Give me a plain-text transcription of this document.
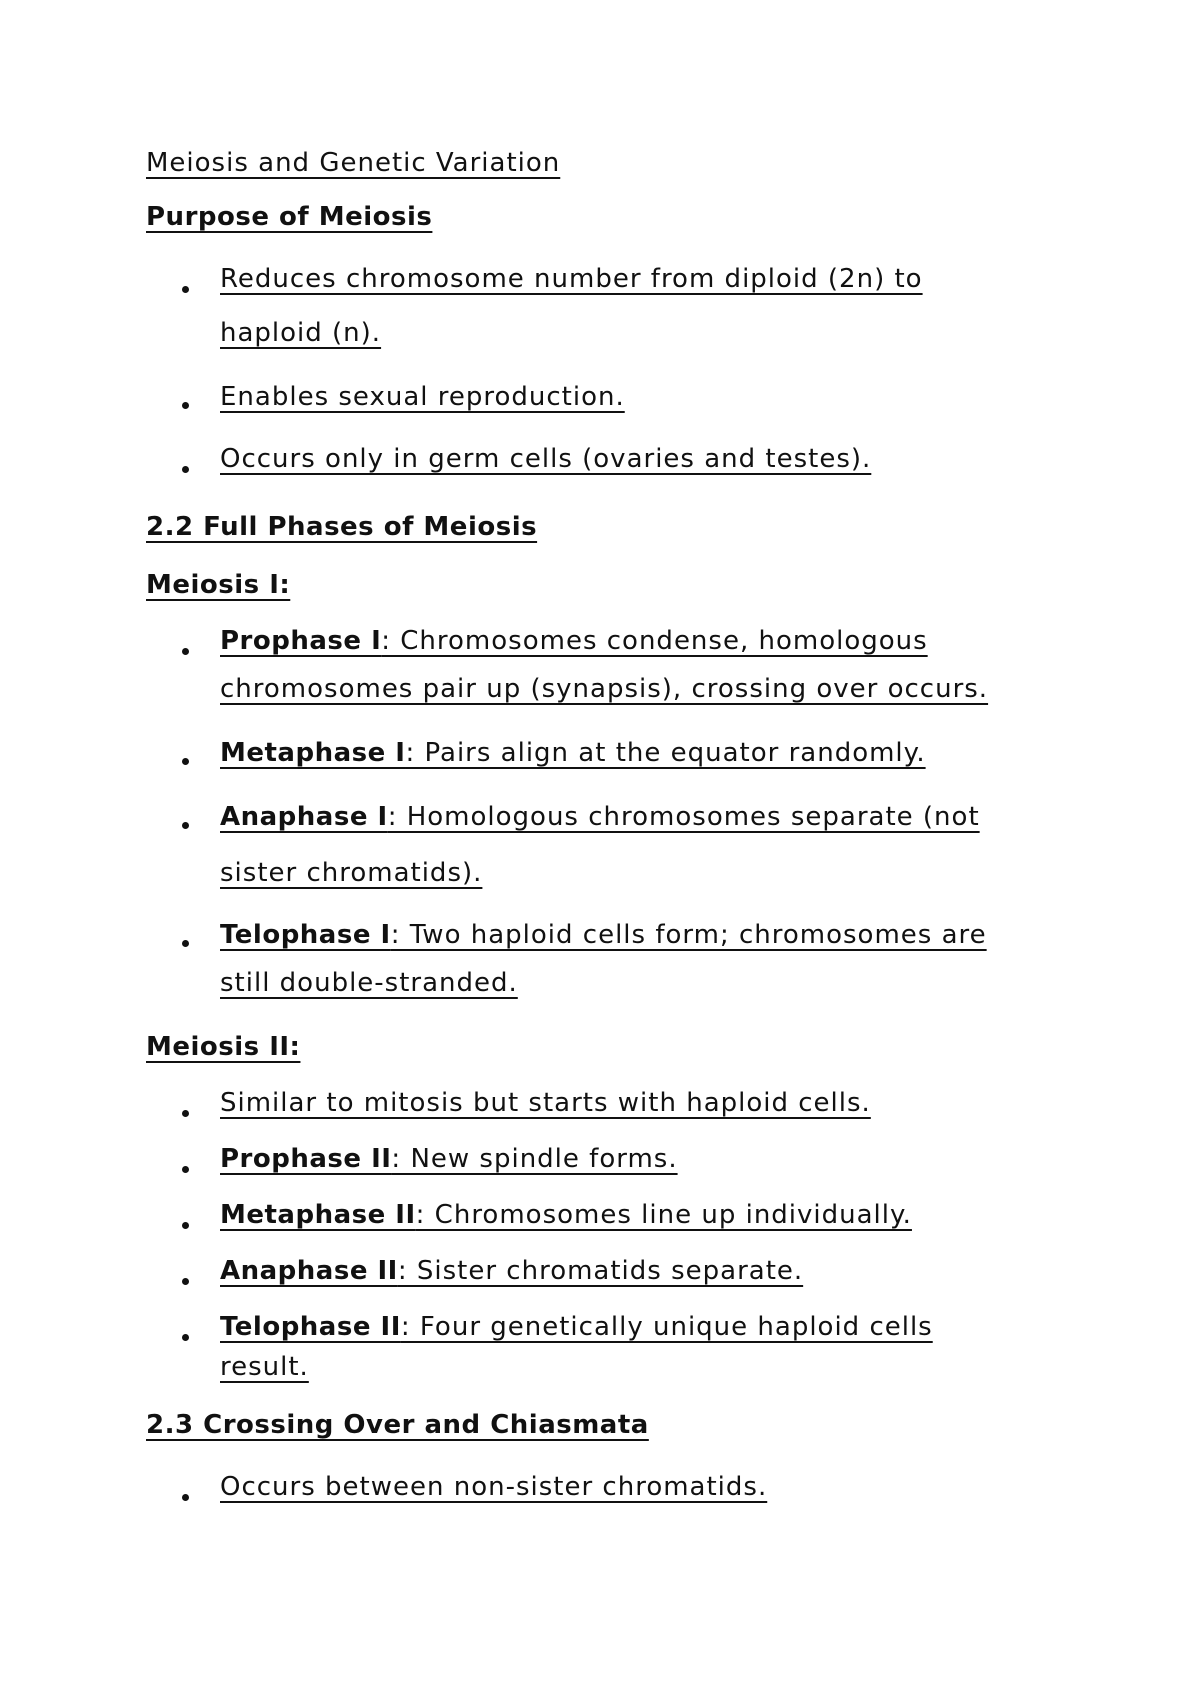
Meiosis and Genetic Variation
Purpose of Meiosis
Reduces chromosome number from diploid (2n) to
haploid (n).
Enables sexual reproduction.
Occurs only in germ cells (ovaries and testes).
2.2 Full Phases of Meiosis
Meiosis I:
Prophase I: Chromosomes condense, homologous
chromosomes pair up (synapsis), crossing over occurs.
Metaphase I: Pairs align at the equator randomly.
Anaphase I: Homologous chromosomes separate (not
sister chromatids).
Telophase I: Two haploid cells form; chromosomes are
still double-stranded.
Meiosis II:
Similar to mitosis but starts with haploid cells.
Prophase II: New spindle forms.
Metaphase II: Chromosomes line up individually.
Anaphase II: Sister chromatids separate.
Telophase II: Four genetically unique haploid cells
result.
2.3 Crossing Over and Chiasmata
Occurs between non-sister chromatids.
